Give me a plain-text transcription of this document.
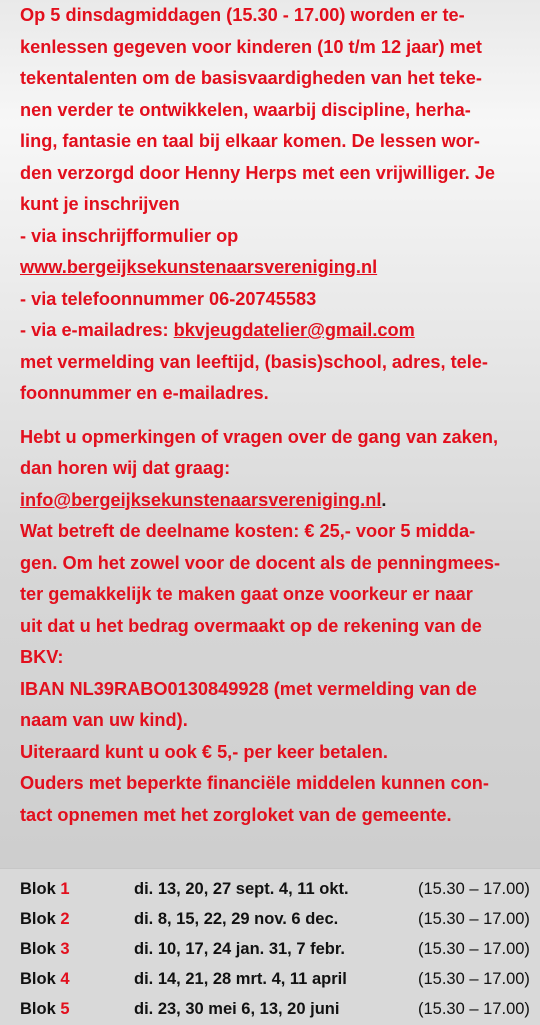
Op 5 dinsdagmiddagen (15.30 - 17.00) worden er te-
kenlessen gegeven voor kinderen (10 t/m 12 jaar) met
tekentalenten om de basisvaardigheden van het teke-
nen verder te ontwikkelen, waarbij discipline, herha-
ling, fantasie en taal bij elkaar komen. De lessen wor-
den verzorgd door Henny Herps met een vrijwilliger. Je
kunt je inschrijven
- via inschrijfformulier op
www.bergeijksekunstenaarsvereniging.nl
- via telefoonnummer 06-20745583
- via e-mailadres: bkvjeugdatelier@gmail.com
met vermelding van leeftijd, (basis)school, adres, tele-
foonnummer en e-mailadres.
Hebt u opmerkingen of vragen over de gang van zaken,
dan horen wij dat graag:
info@bergeijksekunstenaarsvereniging.nl.
Wat betreft de deelname kosten: € 25,- voor 5 midda-
gen. Om het zowel voor de docent als de penningmees-
ter gemakkelijk te maken gaat onze voorkeur er naar
uit dat u het bedrag overmaakt op de rekening van de
BKV:
IBAN NL39RABO0130849928 (met vermelding van de
naam van uw kind).
Uiteraard kunt u ook € 5,- per keer betalen.
Ouders met beperkte financiële middelen kunnen con-
tact opnemen met het zorgloket van de gemeente.
Blok 1	di. 13, 20, 27 sept. 4, 11 okt.	(15.30 – 17.00)
Blok 2	di. 8, 15, 22, 29 nov. 6 dec.	(15.30 – 17.00)
Blok 3	di. 10, 17, 24 jan. 31, 7 febr.	(15.30 – 17.00)
Blok 4	di. 14, 21, 28 mrt. 4, 11 april	(15.30 – 17.00)
Blok 5	di. 23, 30 mei 6, 13, 20 juni	(15.30 – 17.00)
